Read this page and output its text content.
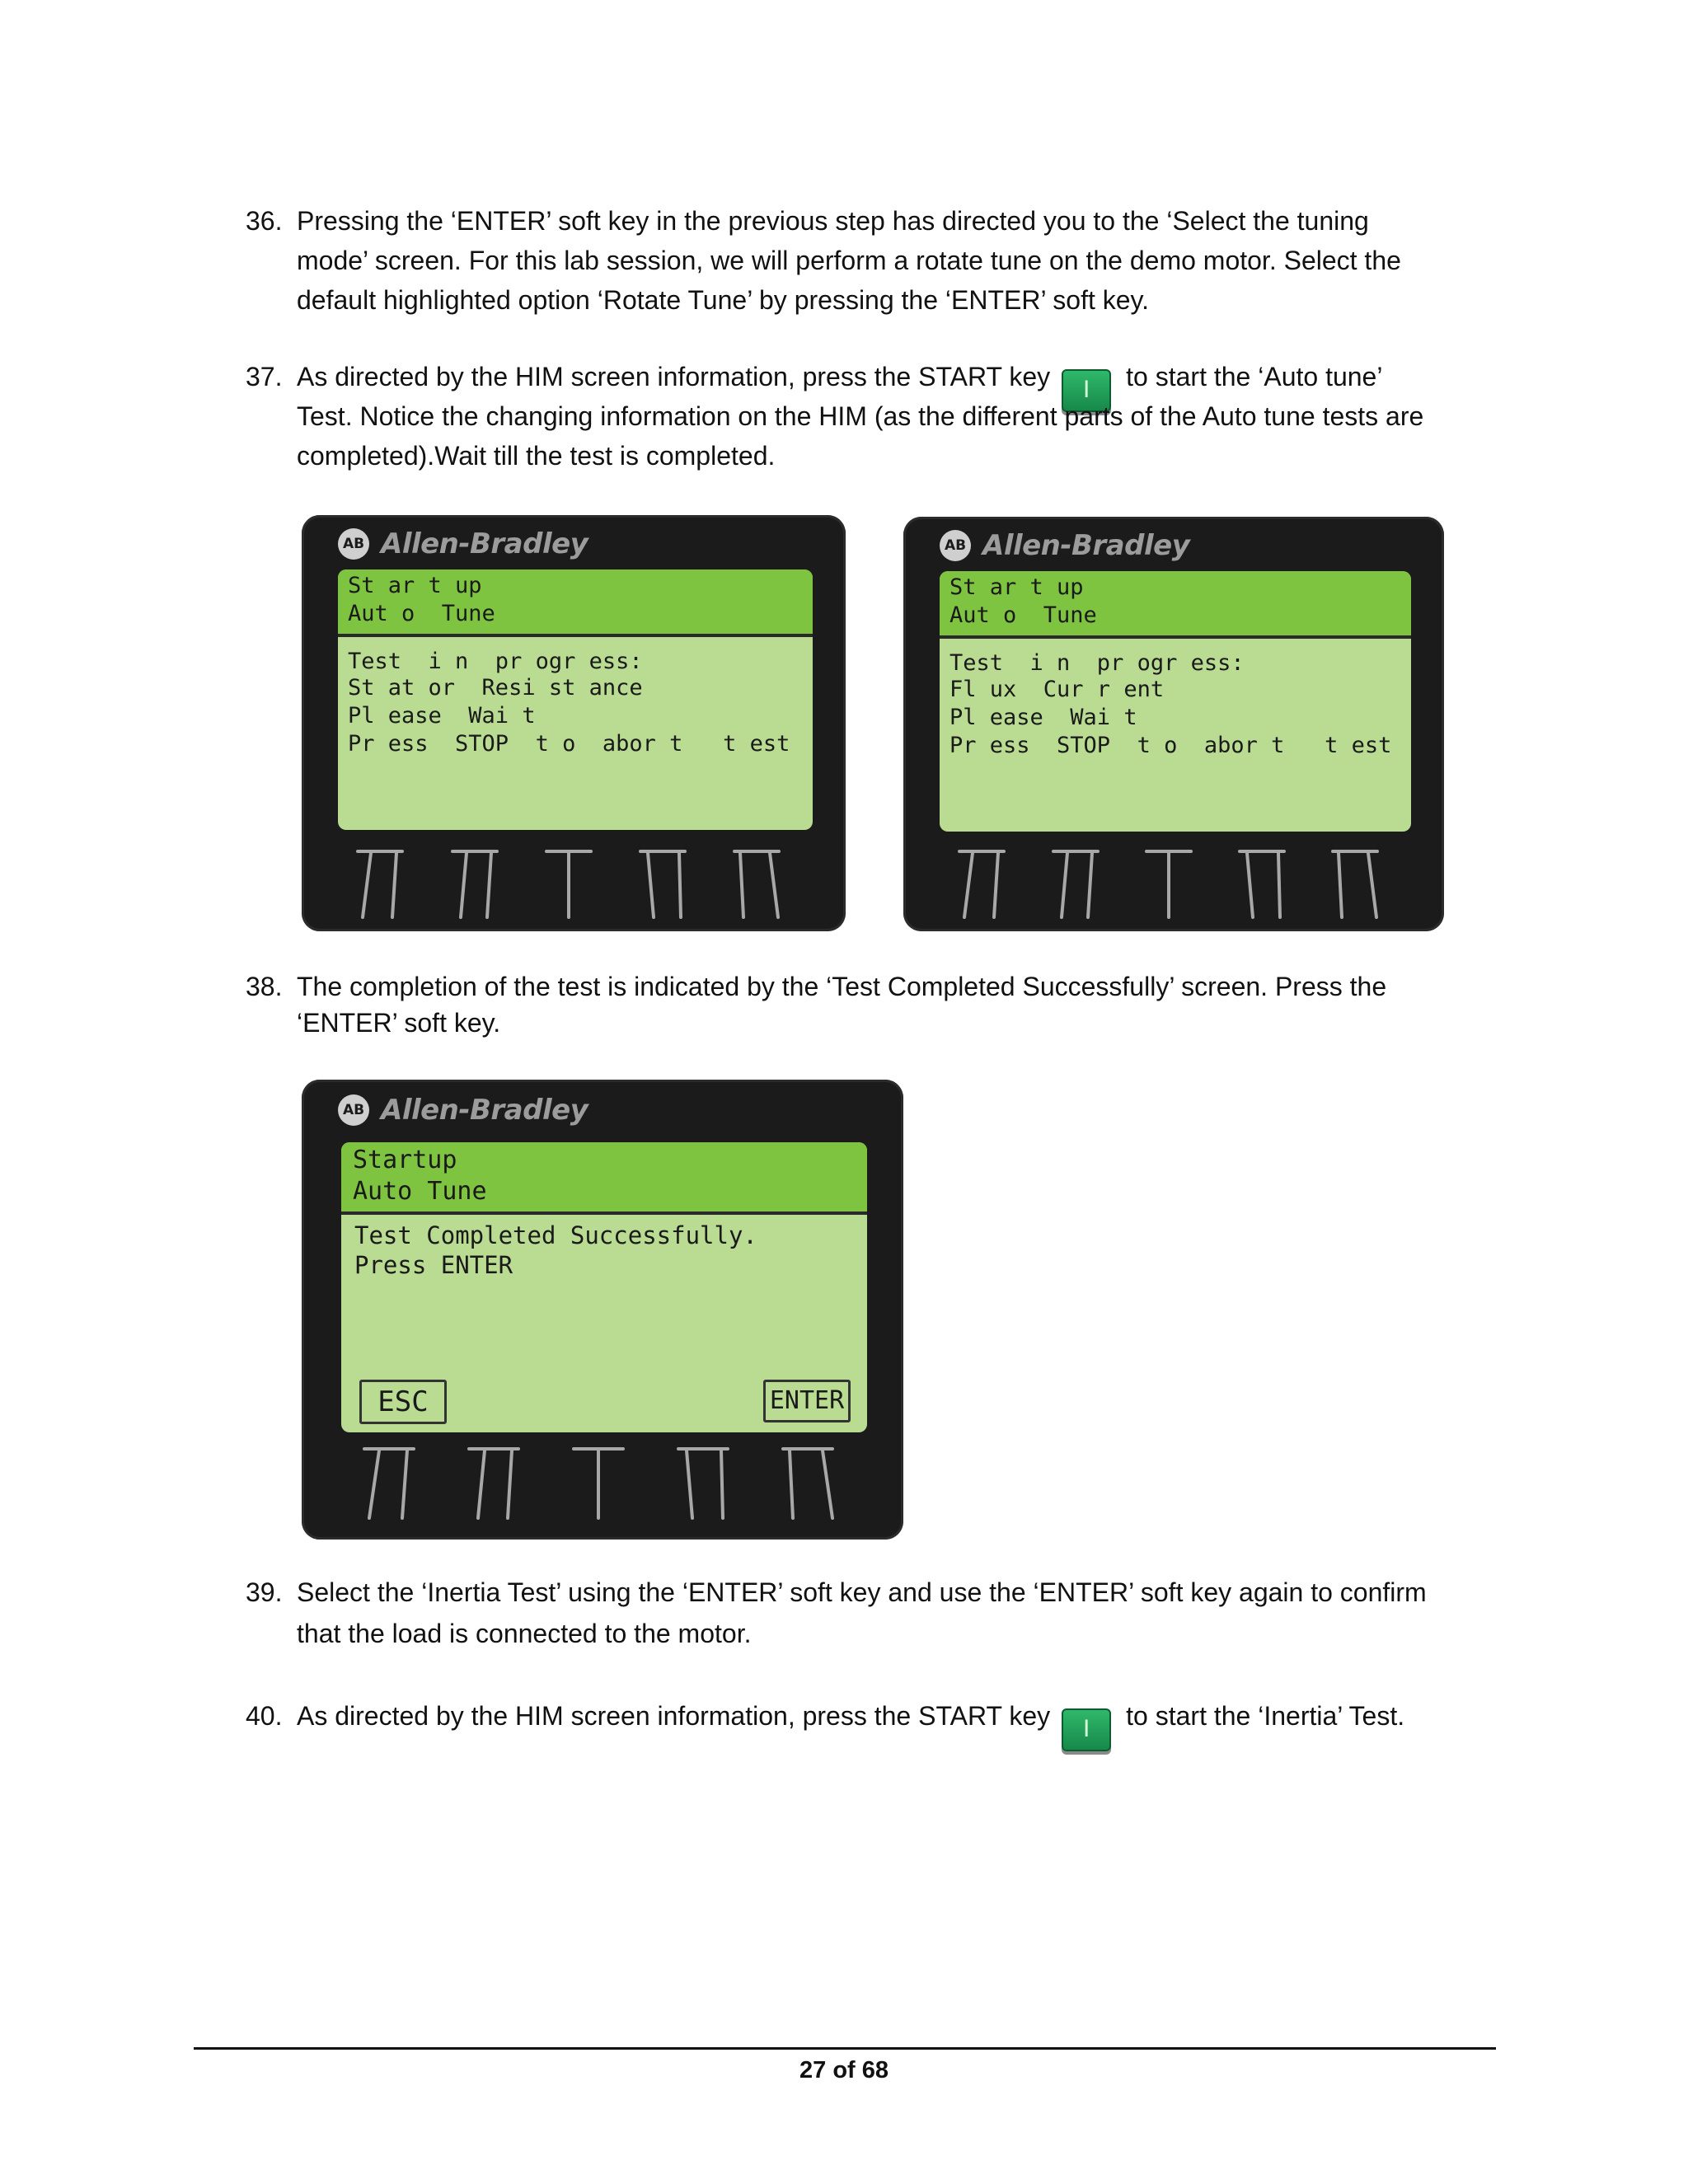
36. Pressing the ‘ENTER’ soft key in the previous step has directed you to the ‘Select the tuning
mode’ screen. For this lab session, we will perform a rotate tune on the demo motor. Select the
default highlighted option ‘Rotate Tune’ by pressing the ‘ENTER’ soft key.
37. As directed by the HIM screen information, press the START key I to start the ‘Auto tune’
Test. Notice the changing information on the HIM (as the different parts of the Auto tune tests are
completed).Wait till the test is completed.
AB Allen-Bradley
St ar t up
Aut o  Tune
Test  i n  pr ogr ess:
St at or  Resi st ance
Pl ease  Wai t
Pr ess  STOP  t o  abor t   t est
AB Allen-Bradley
St ar t up
Aut o  Tune
Test  i n  pr ogr ess:
Fl ux  Cur r ent
Pl ease  Wai t
Pr ess  STOP  t o  abor t   t est
38. The completion of the test is indicated by the ‘Test Completed Successfully’ screen. Press the
‘ENTER’ soft key.
AB Allen-Bradley
Startup
Auto Tune
Test Completed Successfully.
Press ENTER
ESC	ENTER
39. Select the ‘Inertia Test’ using the ‘ENTER’ soft key and use the ‘ENTER’ soft key again to confirm
that the load is connected to the motor.
40. As directed by the HIM screen information, press the START key I to start the ‘Inertia’ Test.
27 of 68
